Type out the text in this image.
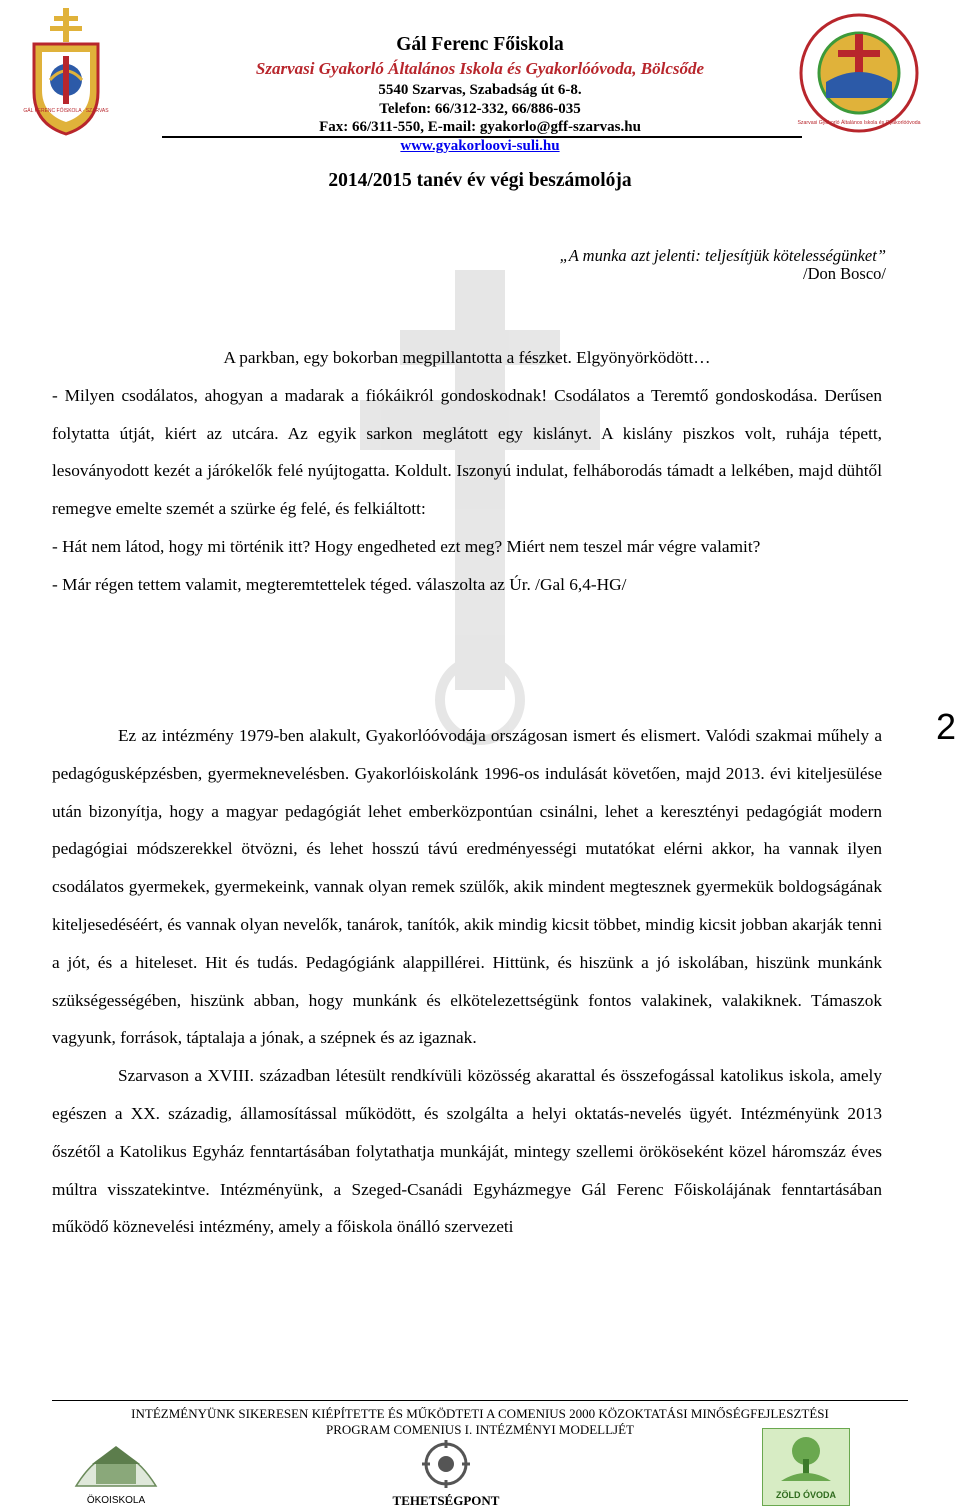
GÁL FERENC FŐISKOLA · SZARVAS
Szarvasi Gyakorló Általános Iskola és Gyakorlóóvoda
Gál Ferenc Főiskola
Szarvasi Gyakorló Általános Iskola és Gyakorlóóvoda, Bölcsőde
5540 Szarvas, Szabadság út 6-8.
Telefon: 66/312-332, 66/886-035
Fax: 66/311-550, E-mail: gyakorlo@gff-szarvas.hu
www.gyakorloovi-suli.hu
2014/2015 tanév év végi beszámolója
„A munka azt jelenti: teljesítjük kötelességünket”
/Don Bosco/

A parkban, egy bokorban megpillantotta a fészket. Elgyönyörködött…

- Milyen csodálatos, ahogyan a madarak a fiókáikról gondoskodnak! Csodálatos a Teremtő gondoskodása. Derűsen folytatta útját, kiért az utcára. Az egyik sarkon meglátott egy kislányt. A kislány piszkos volt, ruhája tépett, lesoványodott kezét a járókelők felé nyújtogatta. Koldult. Iszonyú indulat, felháborodás támadt a lelkében, majd dühtől remegve emelte szemét a szürke ég felé, és felkiáltott:

- Hát nem látod, hogy mi történik itt? Hogy engedheted ezt meg? Miért nem teszel már végre valamit?

- Már régen tettem valamit, megteremtettelek téged. válaszolta az Úr. /Gal 6,4-HG/

Ez az intézmény 1979-ben alakult, Gyakorlóóvodája országosan ismert és elismert. Valódi szakmai műhely a pedagógusképzésben, gyermeknevelésben. Gyakorlóiskolánk 1996-os indulását követően, majd 2013. évi kiteljesülése után bizonyítja, hogy a magyar pedagógiát lehet emberközpontúan csinálni, lehet a keresztényi pedagógiát modern pedagógiai módszerekkel ötvözni, és lehet hosszú távú eredményességi mutatókat elérni akkor, ha vannak ilyen csodálatos gyermekek, gyermekeink, vannak olyan remek szülők, akik mindent megtesznek gyermekük boldogságának kiteljesedéséért, és vannak olyan nevelők, tanárok, tanítók, akik mindig kicsit többet, mindig kicsit jobban akarják tenni a jót, és a hiteleset. Hit és tudás. Pedagógiánk alappillérei. Hittünk, és hiszünk a jó iskolában, hiszünk munkánk szükségességében, hiszünk abban, hogy munkánk és elkötelezettségünk fontos valakinek, valakiknek. Támaszok vagyunk, források, táptalaja a jónak, a szépnek és az igaznak.

Szarvason a XVIII. században létesült rendkívüli közösség akarattal és összefogással katolikus iskola, amely egészen a XX. századig, államosítással működött, és szolgálta a helyi oktatás-nevelés ügyét. Intézményünk 2013 őszétől a Katolikus Egyház fenntartásában folytathatja munkáját, mintegy szellemi örököseként közel háromszáz éves múltra visszatekintve. Intézményünk, a Szeged-Csanádi Egyházmegye Gál Ferenc Főiskolájának fenntartásában működő köznevelési intézmény, amely a főiskola önálló szervezeti

2
INTÉZMÉNYÜNK SIKERESEN KIÉPÍTETTE ÉS MŰKÖDTETI A COMENIUS 2000 KÖZOKTATÁSI MINŐSÉGFEJLESZTÉSI
PROGRAM COMENIUS I. INTÉZMÉNYI MODELLJÉT
ÖKOISKOLA	TEHETSÉGPONT	ZÖLD ÓVODA
